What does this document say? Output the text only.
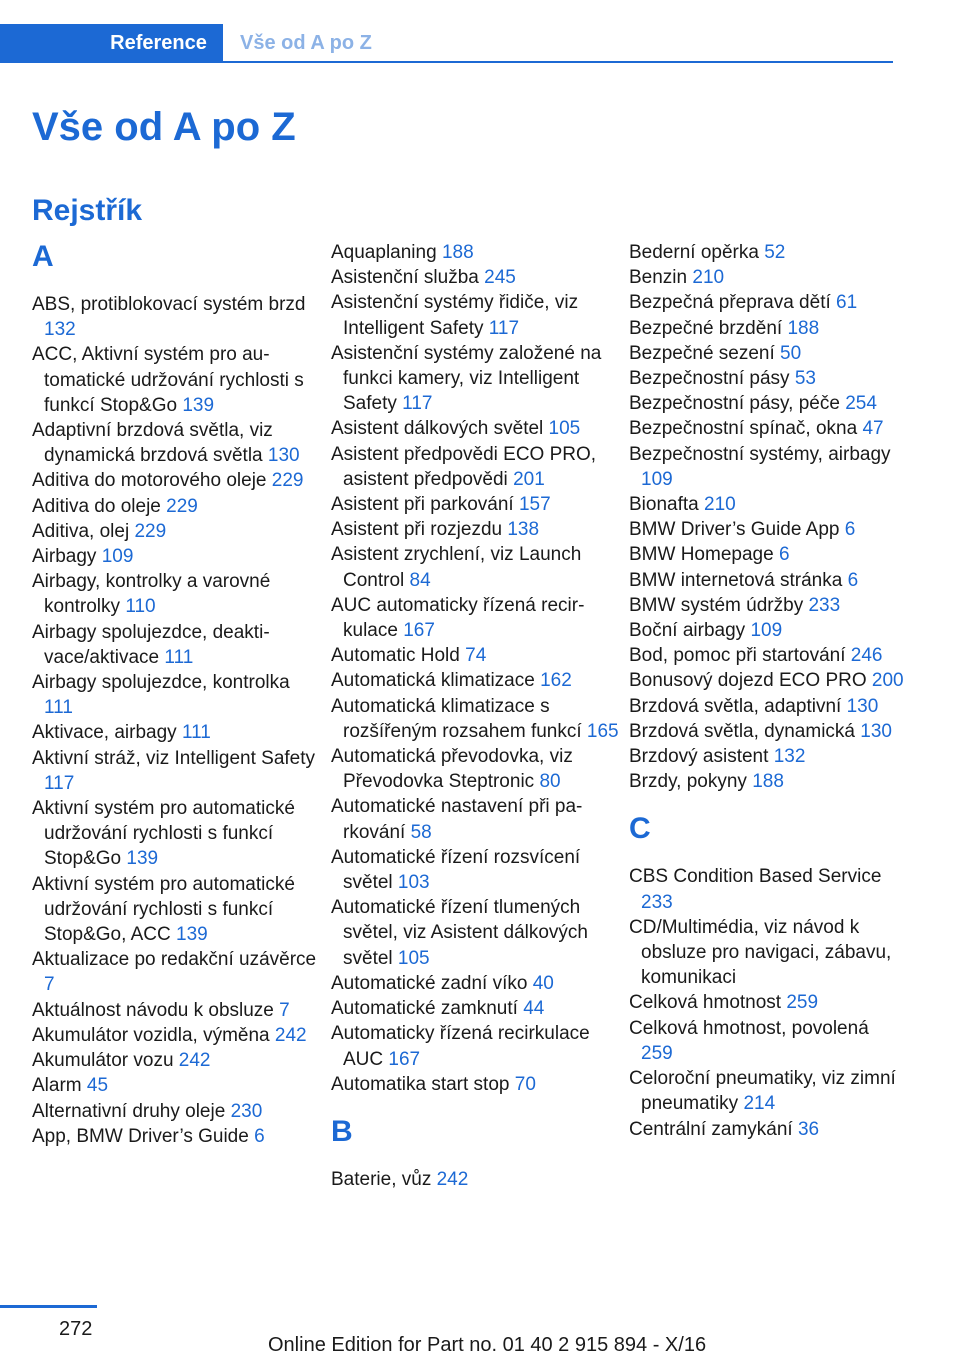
Reference	Vše od A po Z
Vše od A po Z
Rejstřík
A
ABS, protiblokovací systém brzd 132
ACC, Aktivní systém pro automatické udržování rychlosti s funkcí Stop&Go 139
Adaptivní brzdová světla, viz dynamická brzdová světla 130
Aditiva do motorového oleje 229
Aditiva do oleje 229
Aditiva, olej 229
Airbagy 109
Airbagy, kontrolky a varovné kontrolky 110
Airbagy spolujezdce, deaktivace/aktivace 111
Airbagy spolujezdce, kontrolka 111
Aktivace, airbagy 111
Aktivní stráž, viz Intelligent Safety 117
Aktivní systém pro automatické udržování rychlosti s funkcí Stop&Go 139
Aktivní systém pro automatické udržování rychlosti s funkcí Stop&Go, ACC 139
Aktualizace po redakční uzávěrce 7
Aktuálnost návodu k obsluze 7
Akumulátor vozidla, výměna 242
Akumulátor vozu 242
Alarm 45
Alternativní druhy oleje 230
App, BMW Driver’s Guide 6
Aquaplaning 188
Asistenční služba 245
Asistenční systémy řidiče, viz Intelligent Safety 117
Asistenční systémy založené na funkci kamery, viz Intelligent Safety 117
Asistent dálkových světel 105
Asistent předpovědi ECO PRO, asistent předpovědi 201
Asistent při parkování 157
Asistent při rozjezdu 138
Asistent zrychlení, viz Launch Control 84
AUC automaticky řízená recirkulace 167
Automatic Hold 74
Automatická klimatizace 162
Automatická klimatizace s rozšířeným rozsahem funkcí 165
Automatická převodovka, viz Převodovka Steptronic 80
Automatické nastavení při parkování 58
Automatické řízení rozsvícení světel 103
Automatické řízení tlumených světel, viz Asistent dálkových světel 105
Automatické zadní víko 40
Automatické zamknutí 44
Automaticky řízená recirkulace AUC 167
Automatika start stop 70
B
Baterie, vůz 242
Bederní opěrka 52
Benzin 210
Bezpečná přeprava dětí 61
Bezpečné brzdění 188
Bezpečné sezení 50
Bezpečnostní pásy 53
Bezpečnostní pásy, péče 254
Bezpečnostní spínač, okna 47
Bezpečnostní systémy, airbagy 109
Bionafta 210
BMW Driver’s Guide App 6
BMW Homepage 6
BMW internetová stránka 6
BMW systém údržby 233
Boční airbagy 109
Bod, pomoc při startování 246
Bonusový dojezd ECO PRO 200
Brzdová světla, adaptivní 130
Brzdová světla, dynamická 130
Brzdový asistent 132
Brzdy, pokyny 188
C
CBS Condition Based Service 233
CD/Multimédia, viz návod k obsluze pro navigaci, zábavu, komunikaci
Celková hmotnost 259
Celková hmotnost, povolená 259
Celoroční pneumatiky, viz zimní pneumatiky 214
Centrální zamykání 36
272
Online Edition for Part no. 01 40 2 915 894 - X/16
